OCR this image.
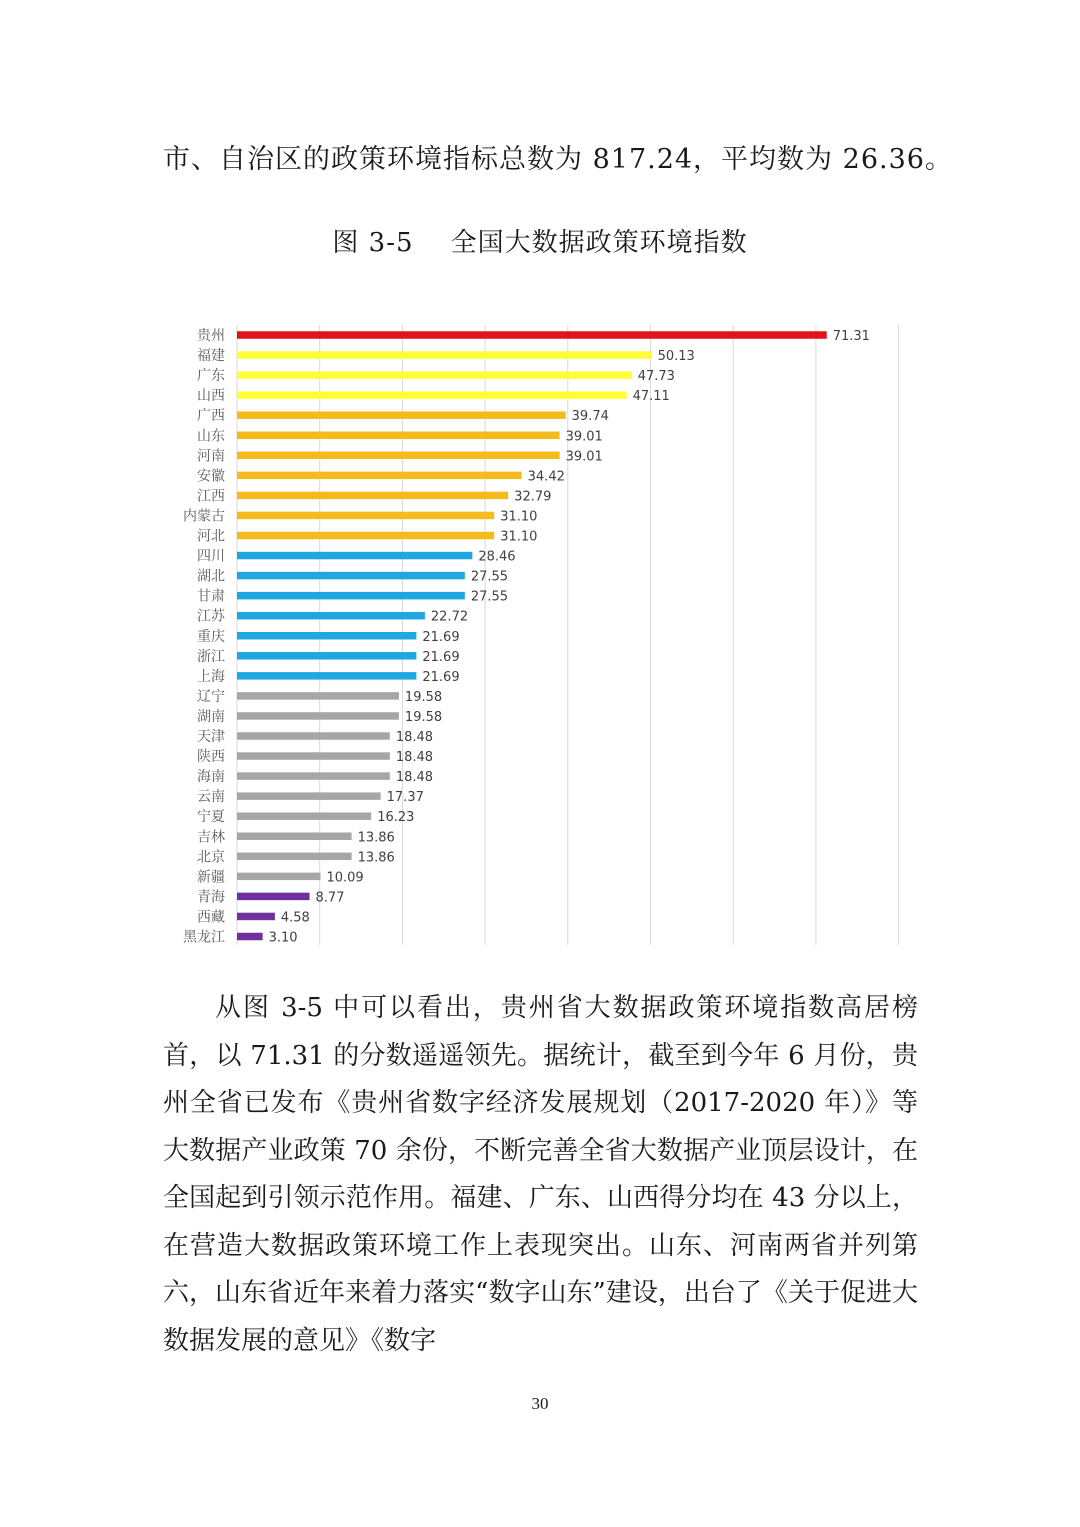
市、自治区的政策环境指标总数为 817.24，平均数为 26.36。
图 3-5    全国大数据政策环境指数
贵州
福建
广东
山西
广西
山东
河南
安徽
江西
内蒙古
河北
四川
湖北
甘肃
江苏
重庆
浙江
上海
辽宁
湖南
天津
陕西
海南
云南
宁夏
吉林
北京
新疆
青海
西藏
黑龙江
71.31
50.13
47.73
47.11
39.74
39.01
39.01
34.42
32.79
31.10
31.10
28.46
27.55
27.55
22.72
21.69
21.69
21.69
19.58
19.58
18.48
18.48
18.48
17.37
16.23
13.86
13.86
10.09
8.77
4.58
3.10

从图 3-5 中可以看出，贵州省大数据政策环境指数高居榜首，以 71.31 的分数遥遥领先。据统计，截至到今年 6 月份，贵州全省已发布《贵州省数字经济发展规划（2017-2020 年）》等大数据产业政策 70 余份，不断完善全省大数据产业顶层设计，在全国起到引领示范作用。福建、广东、山西得分均在 43 分以上，在营造大数据政策环境工作上表现突出。山东、河南两省并列第六，山东省近年来着力落实“数字山东”建设，出台了《关于促进大数据发展的意见》《数字

30
